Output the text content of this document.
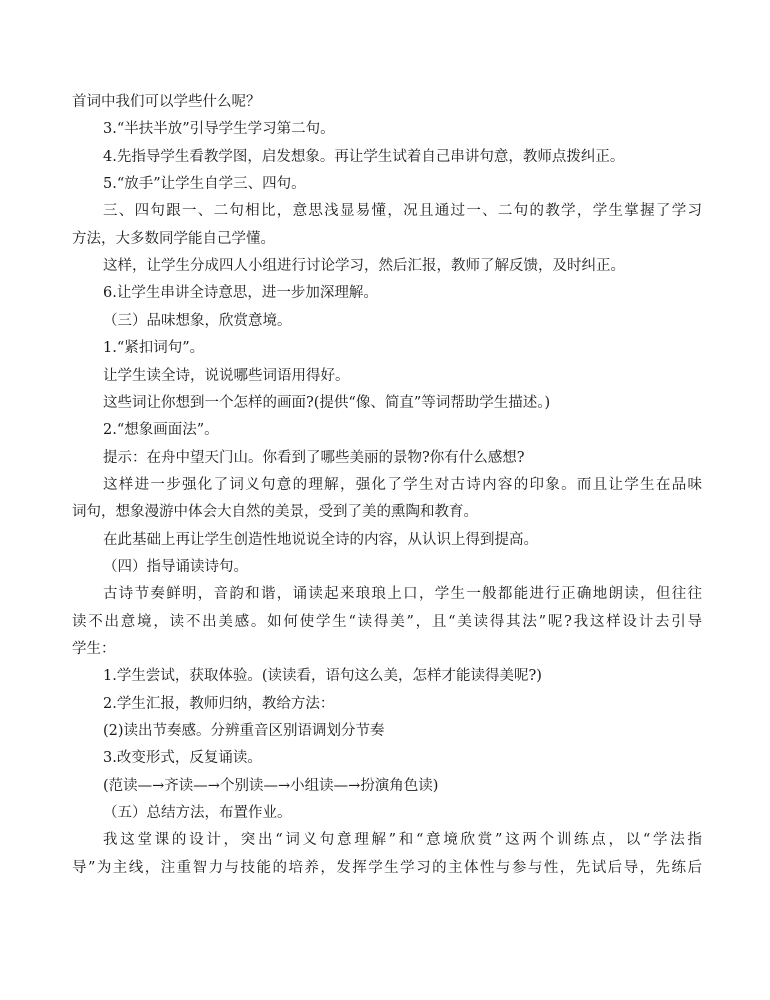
首词中我们可以学些什么呢？
3.“半扶半放”引导学生学习第二句。
4.先指导学生看教学图，启发想象。再让学生试着自己串讲句意，教师点拨纠正。
5.“放手”让学生自学三、四句。
三、四句跟一、二句相比，意思浅显易懂，况且通过一、二句的教学，学生掌握了学习
方法，大多数同学能自己学懂。
这样，让学生分成四人小组进行讨论学习，然后汇报，教师了解反馈，及时纠正。
6.让学生串讲全诗意思，进一步加深理解。
（三）品味想象，欣赏意境。
1.“紧扣词句”。
让学生读全诗，说说哪些词语用得好。
这些词让你想到一个怎样的画面?(提供“像、简直”等词帮助学生描述。)
2.“想象画面法”。
提示：在舟中望天门山。你看到了哪些美丽的景物?你有什么感想?
这样进一步强化了词义句意的理解，强化了学生对古诗内容的印象。而且让学生在品味
词句，想象漫游中体会大自然的美景，受到了美的熏陶和教育。
在此基础上再让学生创造性地说说全诗的内容，从认识上得到提高。
（四）指导诵读诗句。
古诗节奏鲜明，音韵和谐，诵读起来琅琅上口，学生一般都能进行正确地朗读，但往往
读不出意境，读不出美感。如何使学生“读得美”，且“美读得其法”呢?我这样设计去引导
学生：
1.学生尝试，获取体验。(读读看，语句这么美，怎样才能读得美呢?)
2.学生汇报，教师归纳，教给方法：
(2)读出节奏感。分辨重音区别语调划分节奏
3.改变形式，反复诵读。
(范读—→齐读—→个别读—→小组读—→扮演角色读)
（五）总结方法，布置作业。
我这堂课的设计，突出“词义句意理解”和“意境欣赏”这两个训练点，以“学法指
导”为主线，注重智力与技能的培养，发挥学生学习的主体性与参与性，先试后导，先练后
